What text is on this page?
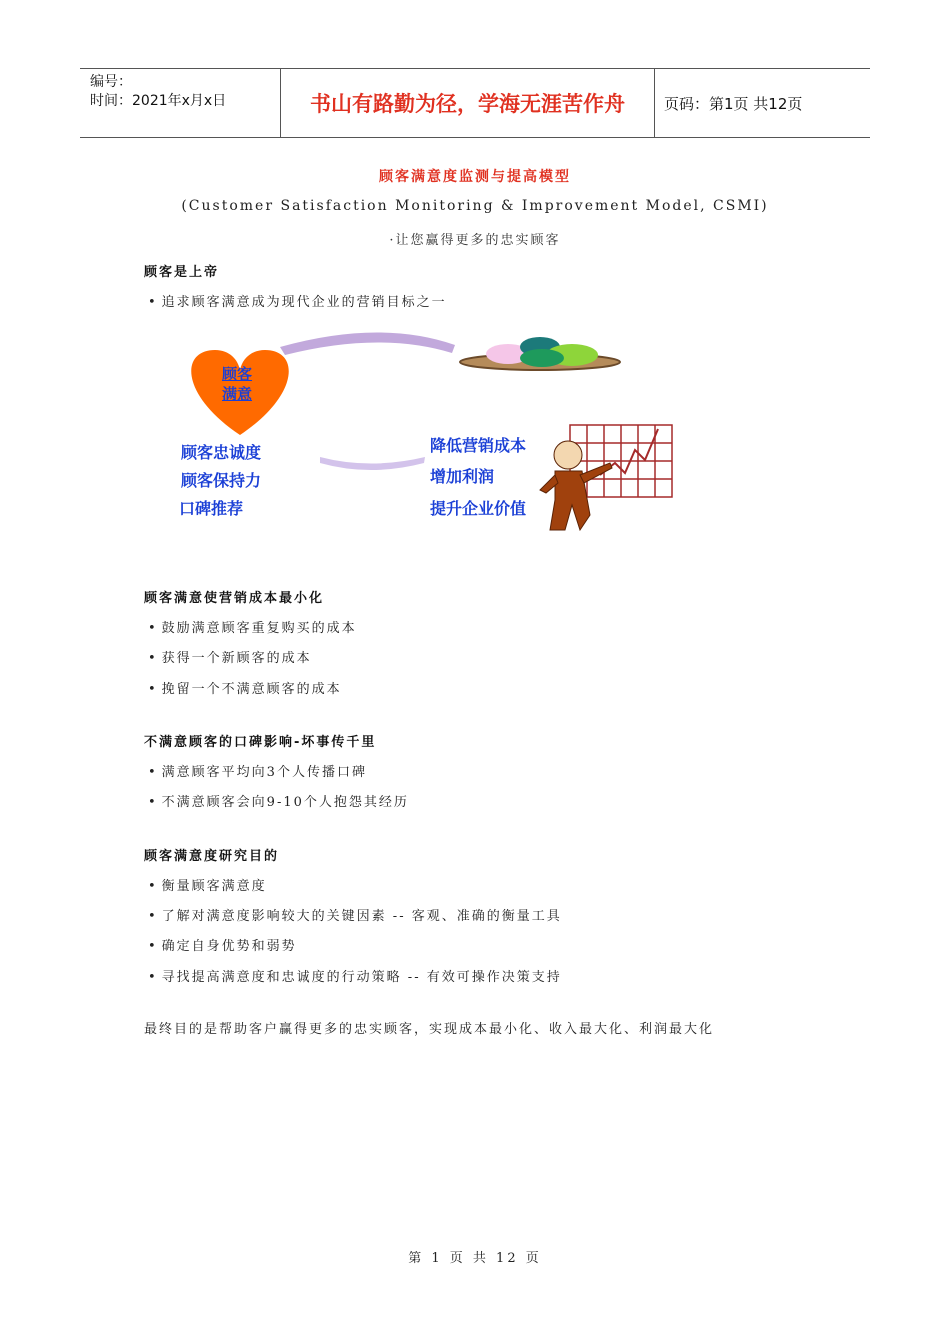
编号：
时间：2021年x月x日	书山有路勤为径，学海无涯苦作舟	页码：第1页 共12页
顾客满意度监测与提高模型
(Customer Satisfaction Monitoring & Improvement Model, CSMI)
·让您赢得更多的忠实顾客
顾客是上帝
• 追求顾客满意成为现代企业的营销目标之一
顾客
满意
顾客忠诚度
顾客保持力
口碑推荐
降低营销成本
增加利润
提升企业价值
顾客满意使营销成本最小化
• 鼓励满意顾客重复购买的成本
• 获得一个新顾客的成本
• 挽留一个不满意顾客的成本
不满意顾客的口碑影响-坏事传千里
• 满意顾客平均向3个人传播口碑
• 不满意顾客会向9-10个人抱怨其经历
顾客满意度研究目的
• 衡量顾客满意度
• 了解对满意度影响较大的关键因素 -- 客观、准确的衡量工具
• 确定自身优势和弱势
• 寻找提高满意度和忠诚度的行动策略 -- 有效可操作决策支持
最终目的是帮助客户赢得更多的忠实顾客，实现成本最小化、收入最大化、利润最大化
第 1 页 共 12 页
